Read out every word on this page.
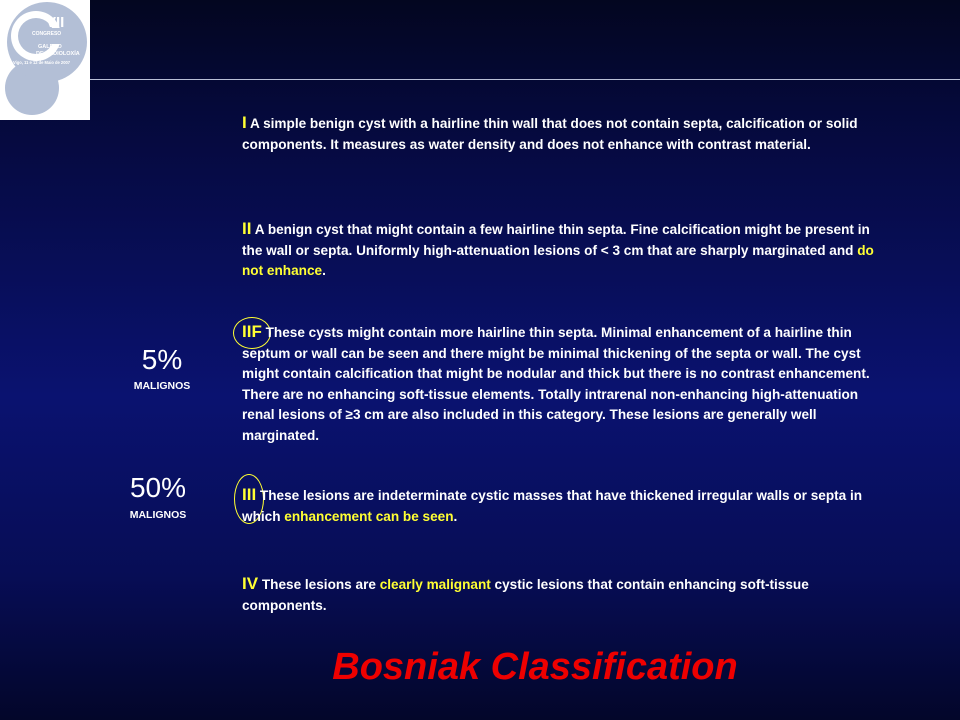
VII
CONGRESO
GALEGO
DE RADIOLOXÍA
Vigo, 11 e 12 de Maio de 2007
I A simple benign cyst with a hairline thin wall that does not contain septa, calcification or solid components. It measures as water density and does not enhance with contrast material.
II A benign cyst that might contain a few hairline thin septa. Fine calcification might be present in the wall or septa. Uniformly high-attenuation lesions of < 3 cm that are sharply marginated and do not enhance.
IIF These cysts might contain more hairline thin septa. Minimal enhancement of a hairline thin septum or wall can be seen and there might be minimal thickening of the septa or wall. The cyst might contain calcification that might be nodular and thick but there is no contrast enhancement. There are no enhancing soft-tissue elements. Totally intrarenal non-enhancing high-attenuation renal lesions of ≥3 cm are also included in this category. These lesions are generally well marginated.
III These lesions are indeterminate cystic masses that have thickened irregular walls or septa in which enhancement can be seen.
IV These lesions are clearly malignant cystic lesions that contain enhancing soft-tissue components.
5%
MALIGNOS
50%
MALIGNOS
Bosniak Classification
